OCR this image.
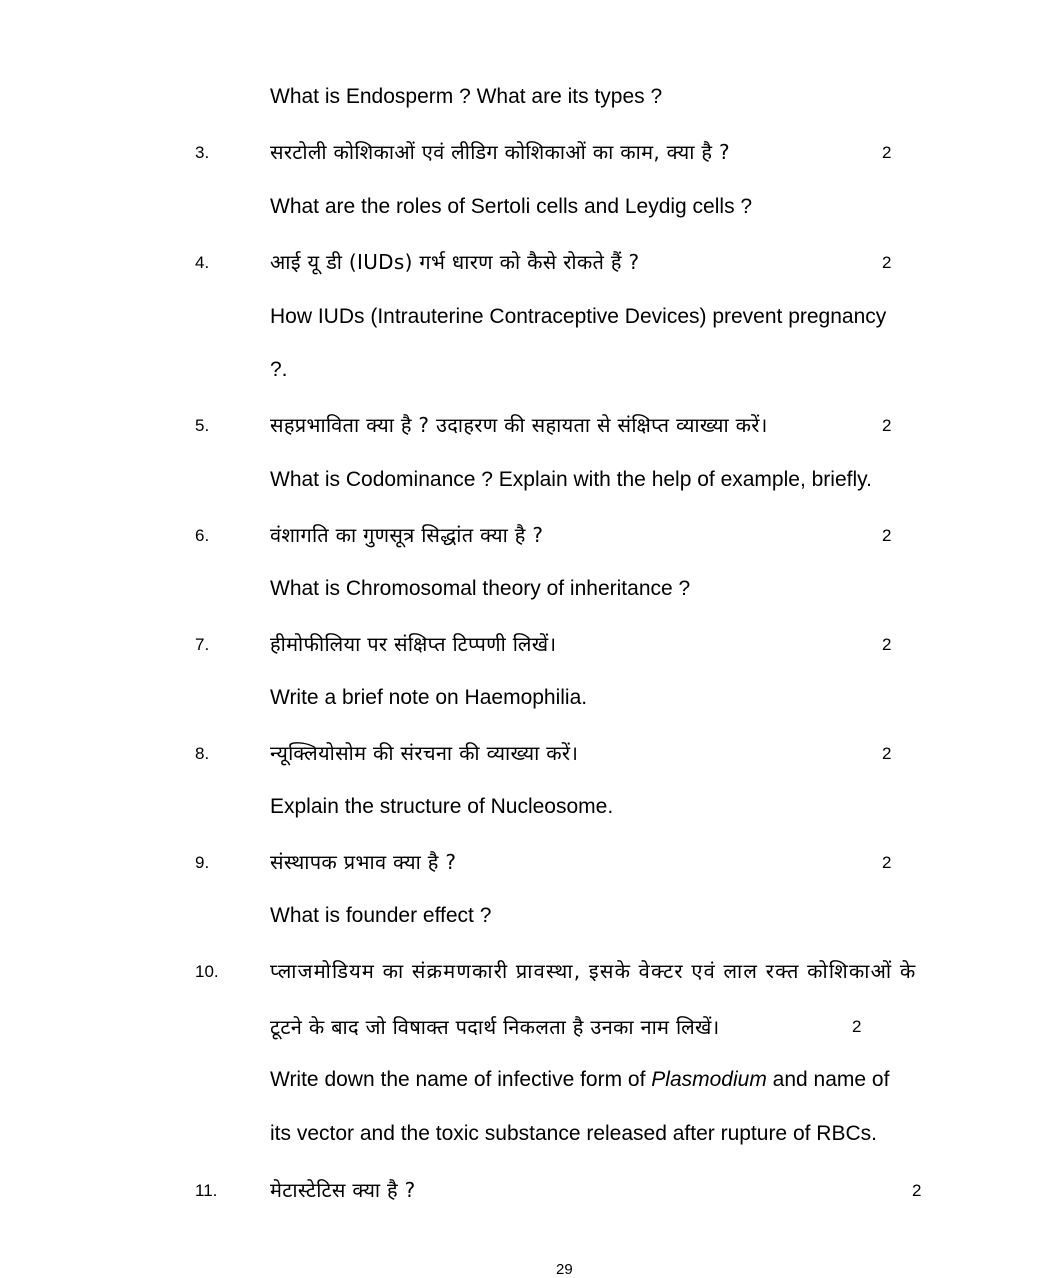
What is Endosperm ? What are its types ?
3.	सरटोली कोशिकाओं एवं लीडिग कोशिकाओं का काम, क्या है ?	2
What are the roles of Sertoli cells and Leydig cells ?
4.	आई यू डी (IUDs) गर्भ धारण को कैसे रोकते हैं ?	2
How IUDs (Intrauterine Contraceptive Devices) prevent pregnancy
?.
5.	सहप्रभाविता क्या है ? उदाहरण की सहायता से संक्षिप्त व्याख्या करें।	2
What is Codominance ? Explain with the help of example, briefly.
6.	वंशागति का गुणसूत्र सिद्धांत क्या है ?	2
What is Chromosomal theory of inheritance ?
7.	हीमोफीलिया पर संक्षिप्त टिप्पणी लिखें।	2
Write a brief note on Haemophilia.
8.	न्यूक्लियोसोम की संरचना की व्याख्या करें।	2
Explain the structure of Nucleosome.
9.	संस्थापक प्रभाव क्या है ?	2
What is founder effect ?
10.	प्लाजमोडियम का संक्रमणकारी प्रावस्था, इसके वेक्टर एवं लाल रक्त कोशिकाओं के
टूटने के बाद जो विषाक्त पदार्थ निकलता है उनका नाम लिखें।	2
Write down the name of infective form of Plasmodium and name of
its vector and the toxic substance released after rupture of RBCs.
11.	मेटास्टेटिस क्या है ?	2
29
